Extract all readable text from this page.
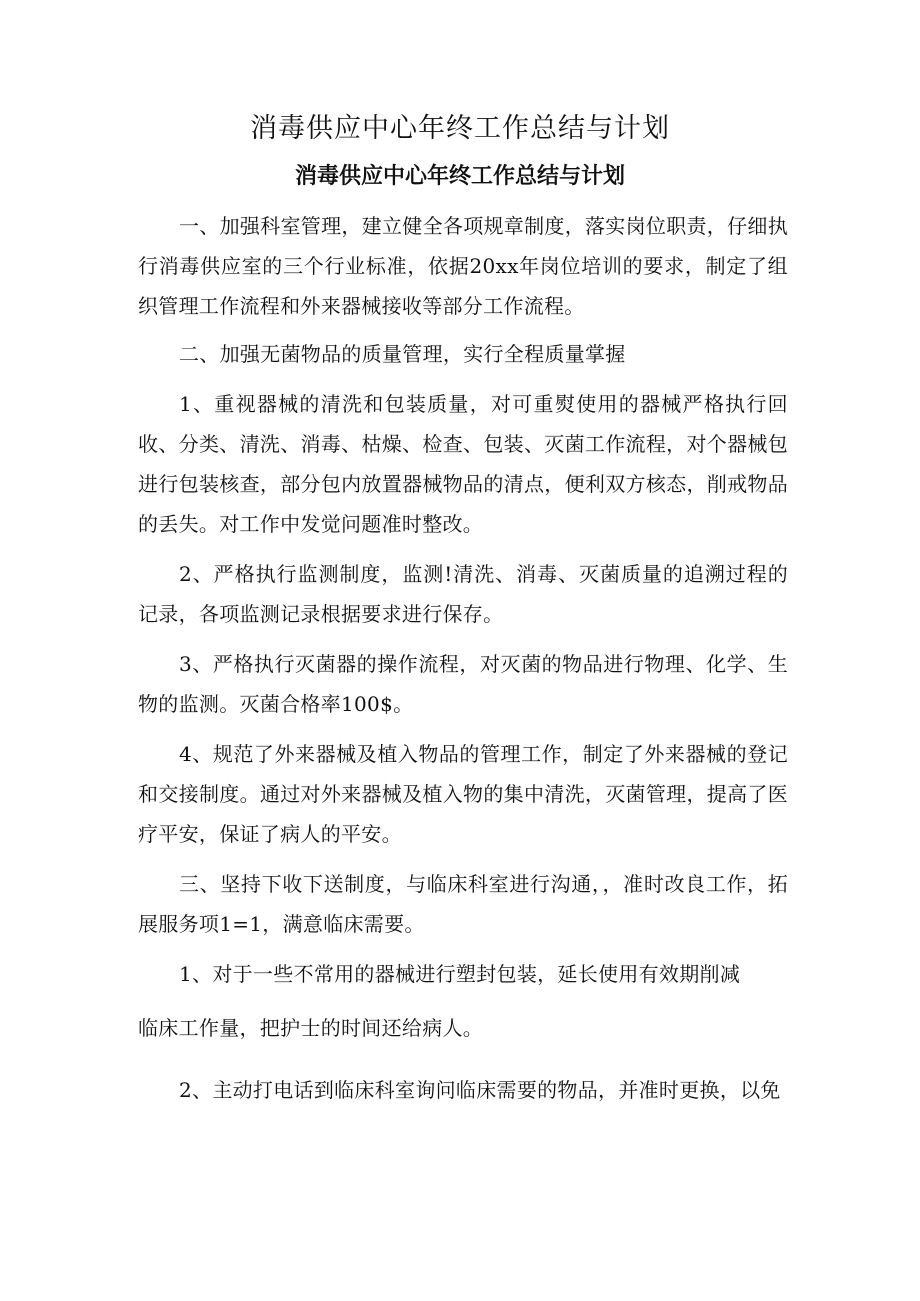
消毒供应中心年终工作总结与计划
消毒供应中心年终工作总结与计划

一、加强科室管理，建立健全各项规章制度，落实岗位职责，仔细执行消毒供应室的三个行业标准，依据20xx年岗位培训的要求，制定了组织管理工作流程和外来器械接收等部分工作流程。

二、加强无菌物品的质量管理，实行全程质量掌握

1、重视器械的清洗和包装质量，对可重熨使用的器械严格执行回收、分类、清洗、消毒、枯燥、检查、包装、灭菌工作流程，对个器械包进行包装核查，部分包内放置器械物品的清点，便利双方核态，削戒物品的丢失。对工作中发觉问题准时整改。

2、严格执行监测制度，监测!清洗、消毒、灭菌质量的追溯过程的记录，各项监测记录根据要求进行保存。

3、严格执行灭菌器的操作流程，对灭菌的物品进行物理、化学、生物的监测。灭菌合格率100$。

4、规范了外来器械及植入物品的管理工作，制定了外来器械的登记和交接制度。通过对外来器械及植入物的集中清洗，灭菌管理，提高了医疗平安，保证了病人的平安。

三、坚持下收下送制度，与临床科室进行沟通，，准时改良工作，拓展服务项1=1，满意临床需要。

1、对于一些不常用的器械进行塑封包装，延长使用有效期削减

临床工作量，把护士的时间还给病人。

2、主动打电话到临床科室询问临床需要的物品，并准时更换，以免
